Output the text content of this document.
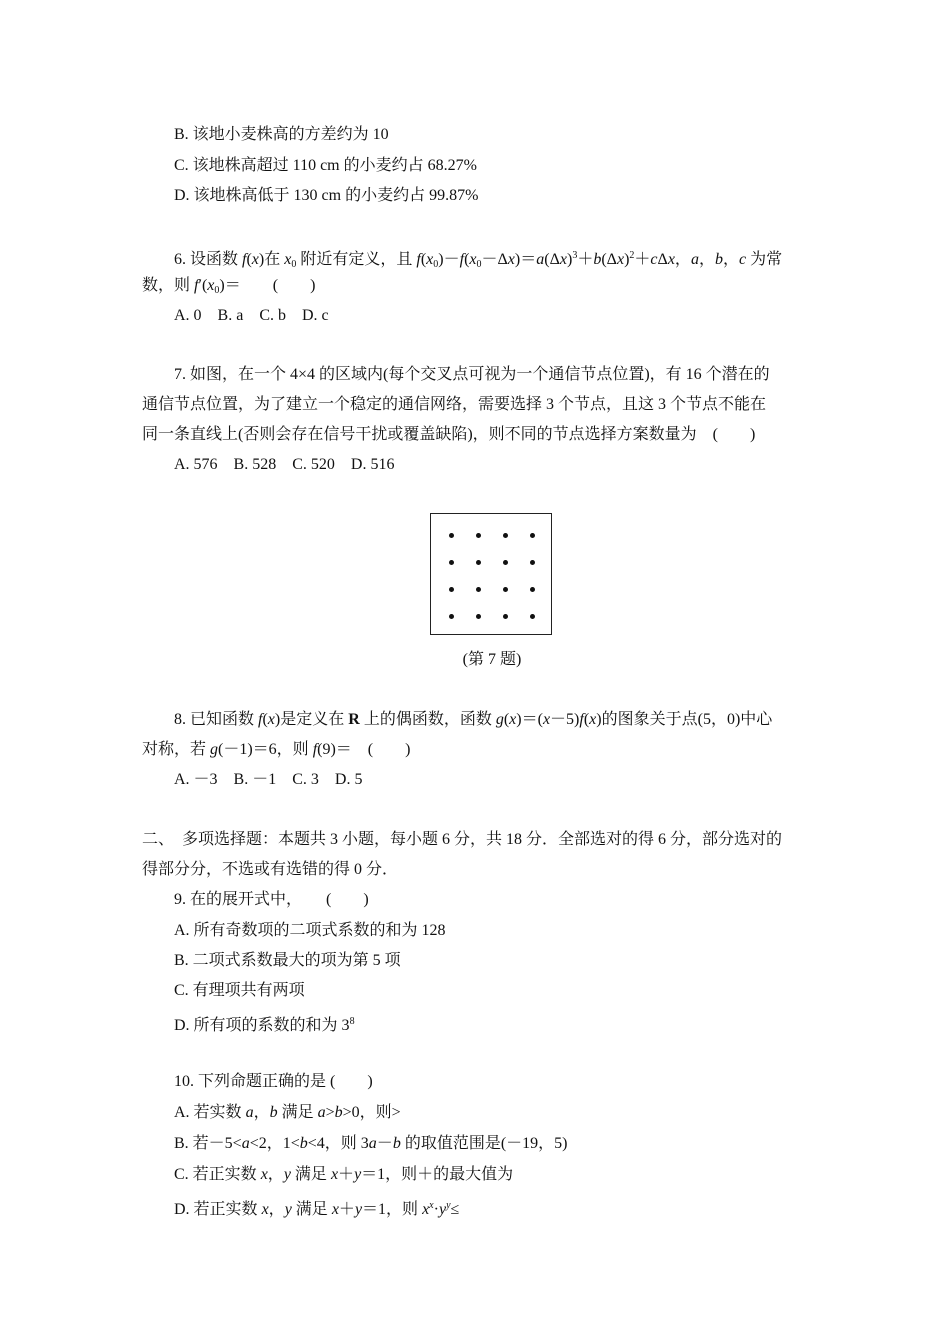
B. 该地小麦株高的方差约为 10
C. 该地株高超过 110 cm 的小麦约占 68.27%
D. 该地株高低于 130 cm 的小麦约占 99.87%
6. 设函数 f(x)在 $x_0$ 附近有定义，且 $f(x_0)-f(x_0-\Delta x)=a(\Delta x)^3+b(\Delta x)^2+c\Delta x$，a，b，c 为常
数，则 $f'(x_0)=$　　(　　)
A. 0　B. a　C. b　D. c
7. 如图，在一个 4×4 的区域内(每个交叉点可视为一个通信节点位置)，有 16 个潜在的
通信节点位置，为了建立一个稳定的通信网络，需要选择 3 个节点，且这 3 个节点不能在
同一条直线上(否则会存在信号干扰或覆盖缺陷)，则不同的节点选择方案数量为　(　　)
A. 576　B. 528　C. 520　D. 516
(第 7 题)
8. 已知函数 f(x)是定义在 R 上的偶函数，函数 g(x)＝(x－5)f(x)的图象关于点(5，0)中心
对称，若 g(－1)＝6，则 f(9)＝　(　　)
A. －3　B. －1　C. 3　D. 5
二、　多项选择题：本题共 3 小题，每小题 6 分，共 18 分．全部选对的得 6 分，部分选对的
得部分分，不选或有选错的得 0 分．
9. 在的展开式中，　　(　　)
A. 所有奇数项的二项式系数的和为 128
B. 二项式系数最大的项为第 5 项
C. 有理项共有两项
D. 所有项的系数的和为 $3^8$
10. 下列命题正确的是 (　　)
A. 若实数 a，b 满足 a>b>0，则>
B. 若－5<a<2，1<b<4，则 3a－b 的取值范围是(－19，5)
C. 若正实数 x，y 满足 x＋y＝1，则＋的最大值为
D. 若正实数 x，y 满足 x＋y＝1，则 $x^x\cdot y^y\le$
